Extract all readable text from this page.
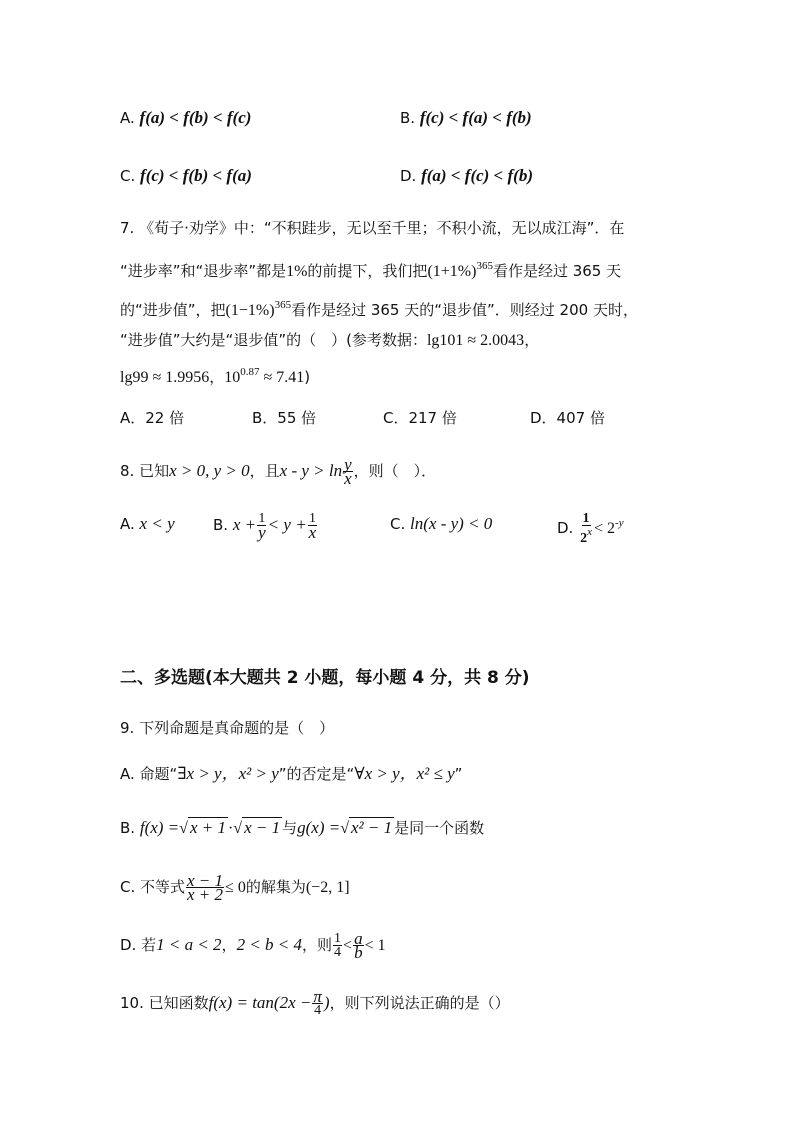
A. f(a) < f(b) < f(c)	B. f(c) < f(a) < f(b)
C. f(c) < f(b) < f(a)	D. f(a) < f(c) < f(b)
7. 《荀子·劝学》中：“不积跬步，无以至千里；不积小流，无以成江海”．在
“进步率”和“退步率”都是1%的前提下，我们把$(1+1\%)^{365}$看作是经过 365 天
的“进步值”，把$(1-1\%)^{365}$看作是经过 365 天的“退步值”．则经过 200 天时，
“进步值”大约是“退步值”的（　）(参考数据：lg101 ≈ 2.0043，
lg99 ≈ 1.9956，$10^{0.87} \approx 7.41$)
A．22 倍	B．55 倍	C．217 倍	D．407 倍
8. 已知x > 0, y > 0，且$x - y > \ln \frac{y}{x}$ ，则（　）．
A. x < y	B. $x + \frac{1}{y} < y + \frac{1}{x}$	C. ln(x - y) < 0	D. $\frac{1}{2^x} < 2^{-y}$
二、多选题(本大题共 2 小题，每小题 4 分，共 8 分)
9. 下列命题是真命题的是（　）
A. 命题“∃x > y，x² > y”的否定是“∀x > y，x² ≤ y”
B. f(x) =√ x + 1 ·√ x − 1 与g(x) =√ x² − 1 是同一个函数
C. 不等式 $\frac{x - 1}{x + 2} \le 0$的解集为(−2, 1]
D. 若1 < a < 2，2 < b < 4，则 $\frac{1}{4} < \frac{a}{b} < 1$
10. 已知函数$f(x) = \tan(2x - \frac{\pi}{4}$ )，则下列说法正确的是（）
